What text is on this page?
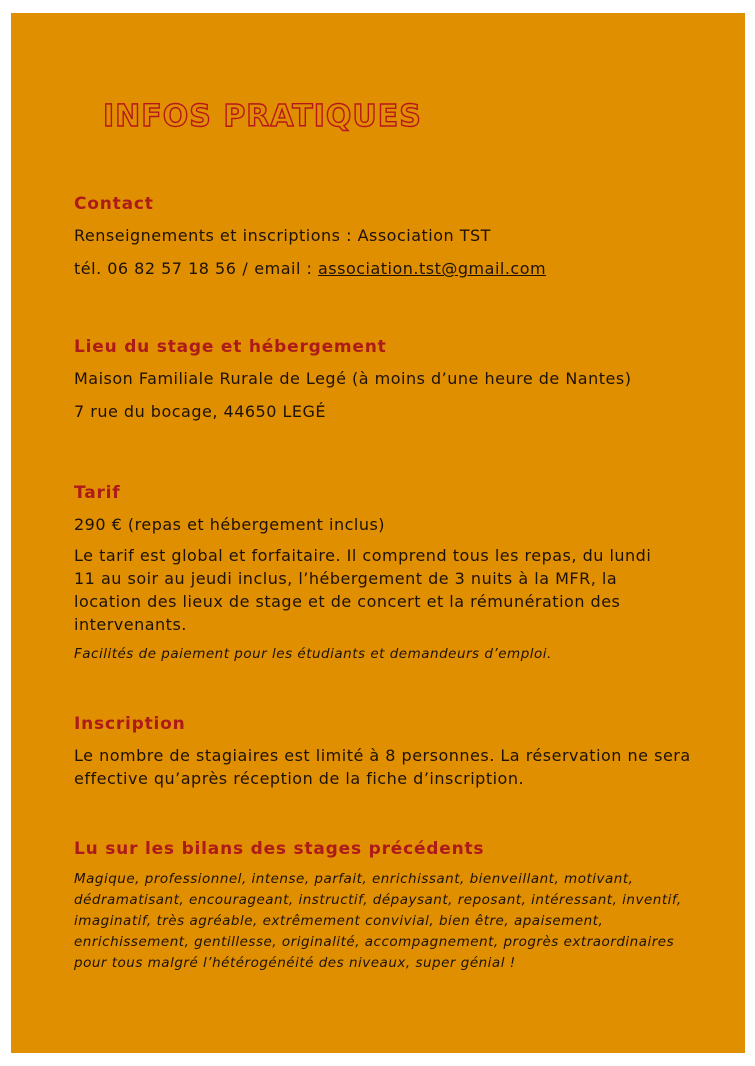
INFOS PRATIQUES
Contact

Renseignements et inscriptions : Association TST

tél. 06 82 57 18 56 / email : association.tst@gmail.com

Lieu du stage et hébergement

Maison Familiale Rurale de Legé (à moins d’une heure de Nantes)

7 rue du bocage, 44650 LEGÉ

Tarif

290 € (repas et hébergement inclus)

Le tarif est global et forfaitaire. Il comprend tous les repas, du lundi 11 au soir au jeudi inclus, l’hébergement de 3 nuits à la MFR, la location des lieux de stage et de concert et la rémunération des intervenants.

Facilités de paiement pour les étudiants et demandeurs d’emploi.

Inscription

Le nombre de stagiaires est limité à 8 personnes. La réservation ne sera effective qu’après réception de la fiche d’inscription.

Lu sur les bilans des stages précédents

Magique, professionnel, intense, parfait, enrichissant, bienveillant, motivant, dédramatisant, encourageant, instructif, dépaysant, reposant, intéressant, inventif, imaginatif, très agréable, extrêmement convivial, bien être, apaisement, enrichissement, gentillesse, originalité, accompagnement, progrès extraordinaires pour tous malgré l’hétérogénéité des niveaux, super génial !
